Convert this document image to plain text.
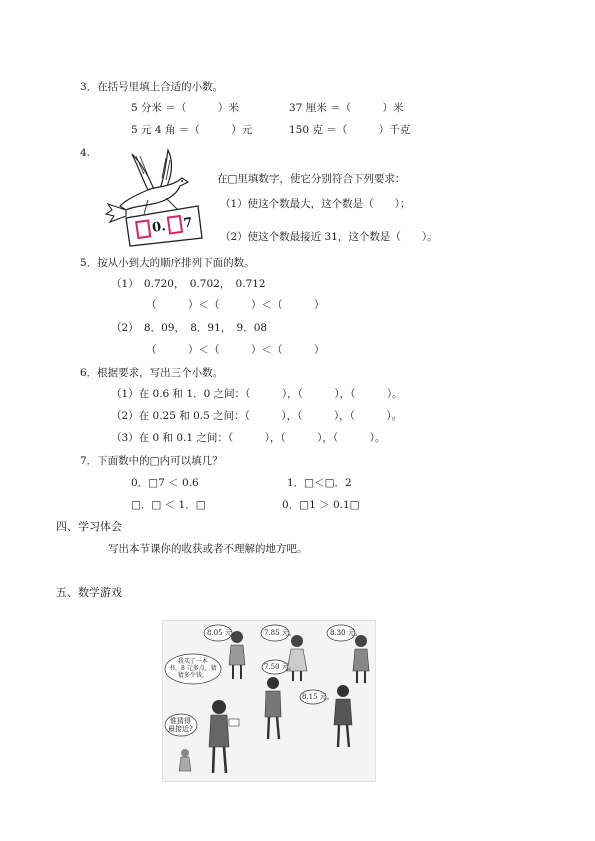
3．在括号里填上合适的小数。
5 分米 ＝（　　　）米	37 厘米 ＝（　　　）米
5 元 4 角 ＝（　　　）元	150 克 ＝（　　　）千克
4.
0. 7
在□里填数字，使它分别符合下列要求：
（1）使这个数最大，这个数是（　　）；
（2）使这个数最接近 31，这个数是（　　）。
5．按从小到大的顺序排列下面的数。
（1）　0.720，　0.702，　0.712
（　　　）＜（　　　）＜（　　　）
（2）　8．09，　8．91，　9．08
（　　　）＜（　　　）＜（　　　）
6．根据要求，写出三个小数。
（1）在 0.6 和 1．0 之间：（　　　），（　　　），（　　　）。
（2）在 0.25 和 0.5 之间：（　　　），（　　　），（　　　）。
（3）在 0 和 0.1 之间：（　　　），（　　　），（　　　）。
7．下面数中的□内可以填几？
0．□7 ＜ 0.6	1．□＜□．2
□．□ ＜ 1．□	0．□1 ＞ 0.1□
四、学习体会
写出本节课你的收获或者不理解的地方吧。
五、数学游戏
8.05 元。	7.85 元。	8.30 元。
我买了一本
书，8 元多点，猜
猜多少钱。
7.50 元。
8.15 元。
谁猜得
最接近?
